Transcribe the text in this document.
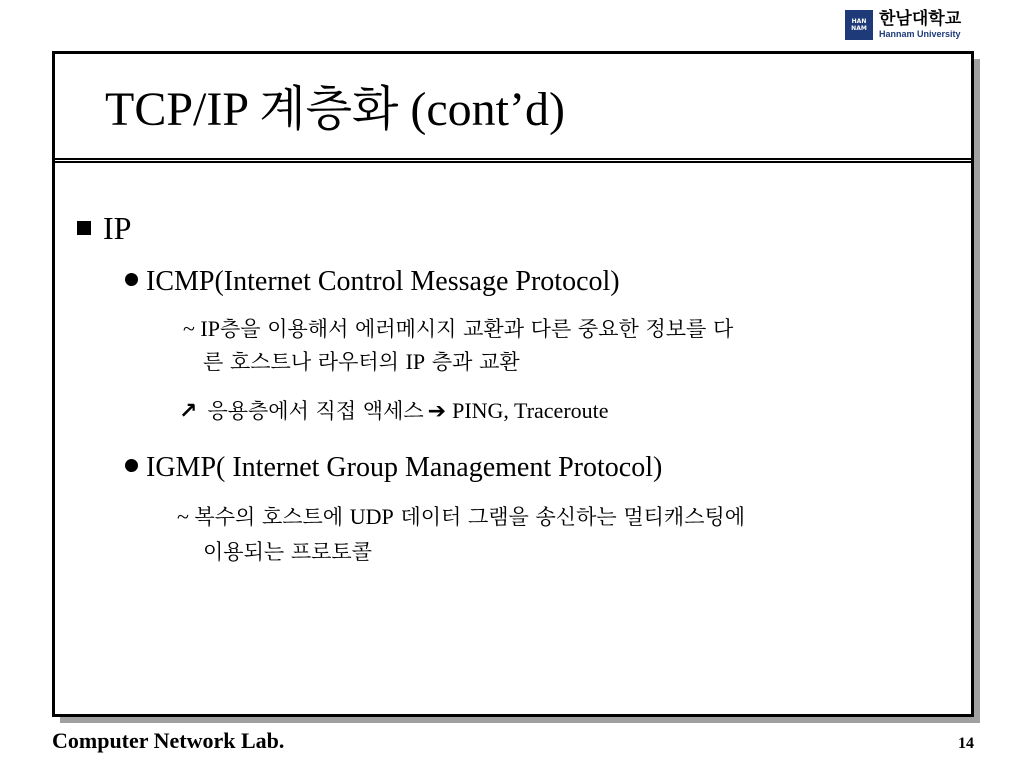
HAN
NAM 한남대학교
Hannam University
TCP/IP 계층화 (cont’d)
IP
ICMP(Internet Control Message Protocol)
~ IP층을 이용해서 에러메시지 교환과 다른 중요한 정보를 다
른 호스트나 라우터의 IP 층과 교환
↗ 응용층에서 직접 액세스 ➔ PING, Traceroute
IGMP( Internet Group Management Protocol)
~ 복수의 호스트에 UDP 데이터 그램을 송신하는 멀티캐스팅에
이용되는 프로토콜
Computer Network Lab.	14
